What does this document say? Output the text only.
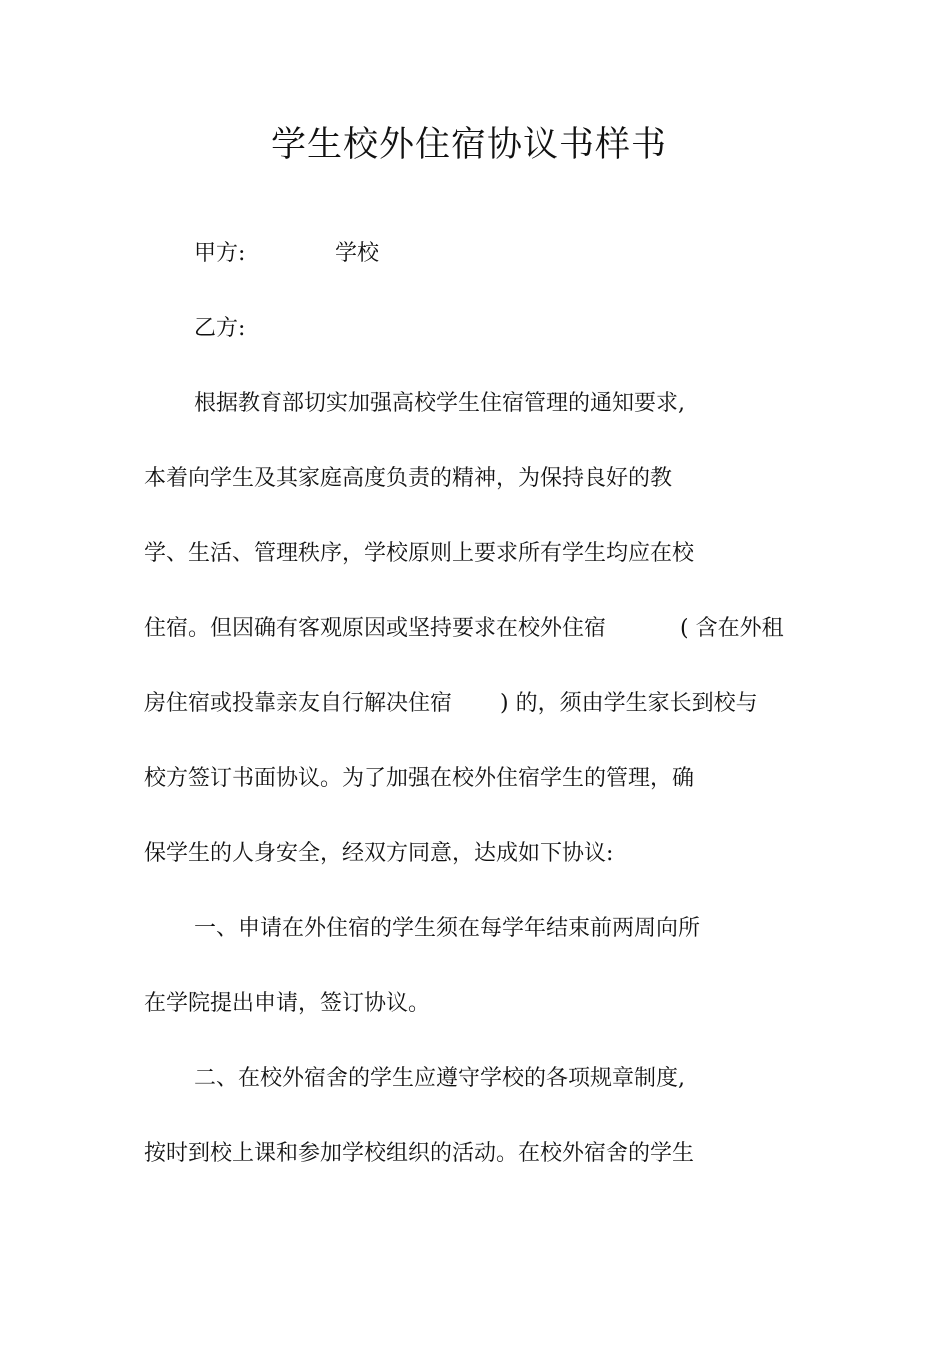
学生校外住宿协议书样书
甲方:	学校
乙方:
根据教育部切实加强高校学生住宿管理的通知要求,
本着向学生及其家庭高度负责的精神，为保持良好的教
学、生活、管理秩序，学校原则上要求所有学生均应在校
住宿。但因确有客观原因或坚持要求在校外住宿	( 含在外租
房住宿或投靠亲友自行解决住宿 ) 的，须由学生家长到校与
校方签订书面协议。为了加强在校外住宿学生的管理，确
保学生的人身安全，经双方同意，达成如下协议:
一、申请在外住宿的学生须在每学年结束前两周向所
在学院提出申请，签订协议。
二、在校外宿舍的学生应遵守学校的各项规章制度,
按时到校上课和参加学校组织的活动。在校外宿舍的学生
